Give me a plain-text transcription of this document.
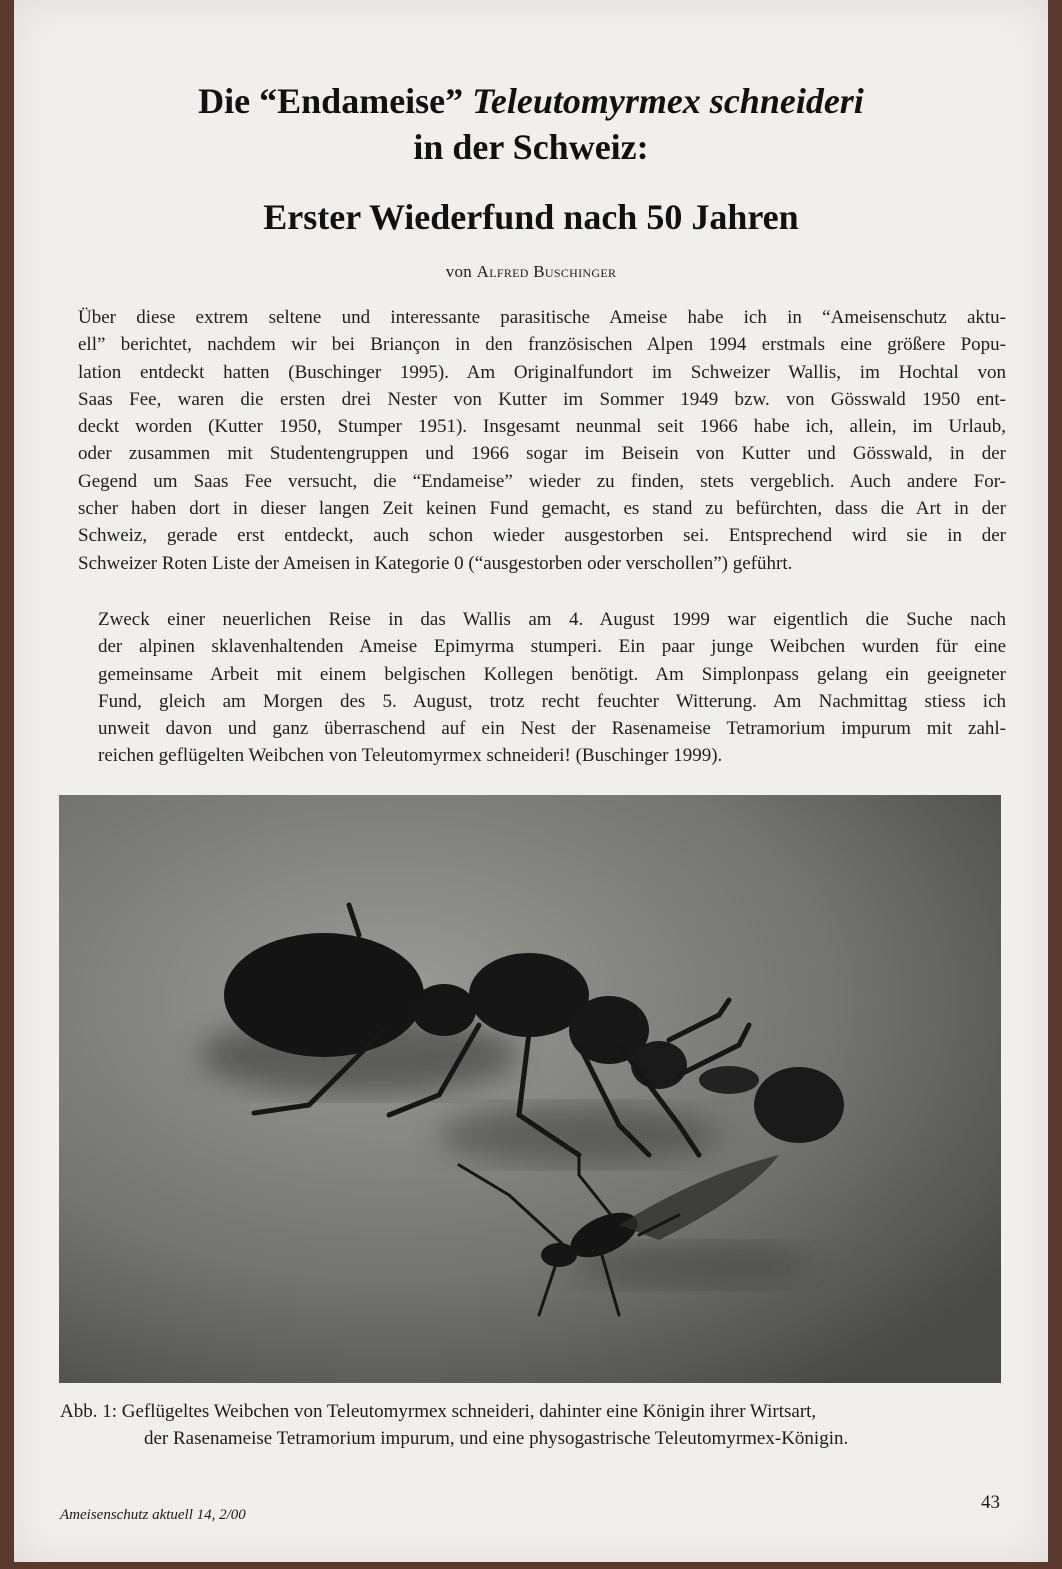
Die “Endameise” Teleutomyrmex schneideri
in der Schweiz:
Erster Wiederfund nach 50 Jahren
von Alfred Buschinger
Über diese extrem seltene und interessante parasitische Ameise habe ich in “Ameisenschutz aktu-
ell” berichtet, nachdem wir bei Briançon in den französischen Alpen 1994 erstmals eine größere Popu-
lation entdeckt hatten (Buschinger 1995). Am Originalfundort im Schweizer Wallis, im Hochtal von
Saas Fee, waren die ersten drei Nester von Kutter im Sommer 1949 bzw. von Gösswald 1950 ent-
deckt worden (Kutter 1950, Stumper 1951). Insgesamt neunmal seit 1966 habe ich, allein, im Urlaub,
oder zusammen mit Studentengruppen und 1966 sogar im Beisein von Kutter und Gösswald, in der
Gegend um Saas Fee versucht, die “Endameise” wieder zu finden, stets vergeblich. Auch andere For-
scher haben dort in dieser langen Zeit keinen Fund gemacht, es stand zu befürchten, dass die Art in der
Schweiz, gerade erst entdeckt, auch schon wieder ausgestorben sei. Entsprechend wird sie in der
Schweizer Roten Liste der Ameisen in Kategorie 0 (“ausgestorben oder verschollen”) geführt.
Zweck einer neuerlichen Reise in das Wallis am 4. August 1999 war eigentlich die Suche nach
der alpinen sklavenhaltenden Ameise Epimyrma stumperi. Ein paar junge Weibchen wurden für eine
gemeinsame Arbeit mit einem belgischen Kollegen benötigt. Am Simplonpass gelang ein geeigneter
Fund, gleich am Morgen des 5. August, trotz recht feuchter Witterung. Am Nachmittag stiess ich
unweit davon und ganz überraschend auf ein Nest der Rasenameise Tetramorium impurum mit zahl-
reichen geflügelten Weibchen von Teleutomyrmex schneideri! (Buschinger 1999).
Abb. 1: Geflügeltes Weibchen von Teleutomyrmex schneideri, dahinter eine Königin ihrer Wirtsart,
der Rasenameise Tetramorium impurum, und eine physogastrische Teleutomyrmex-Königin.
Ameisenschutz aktuell 14, 2/00
43
